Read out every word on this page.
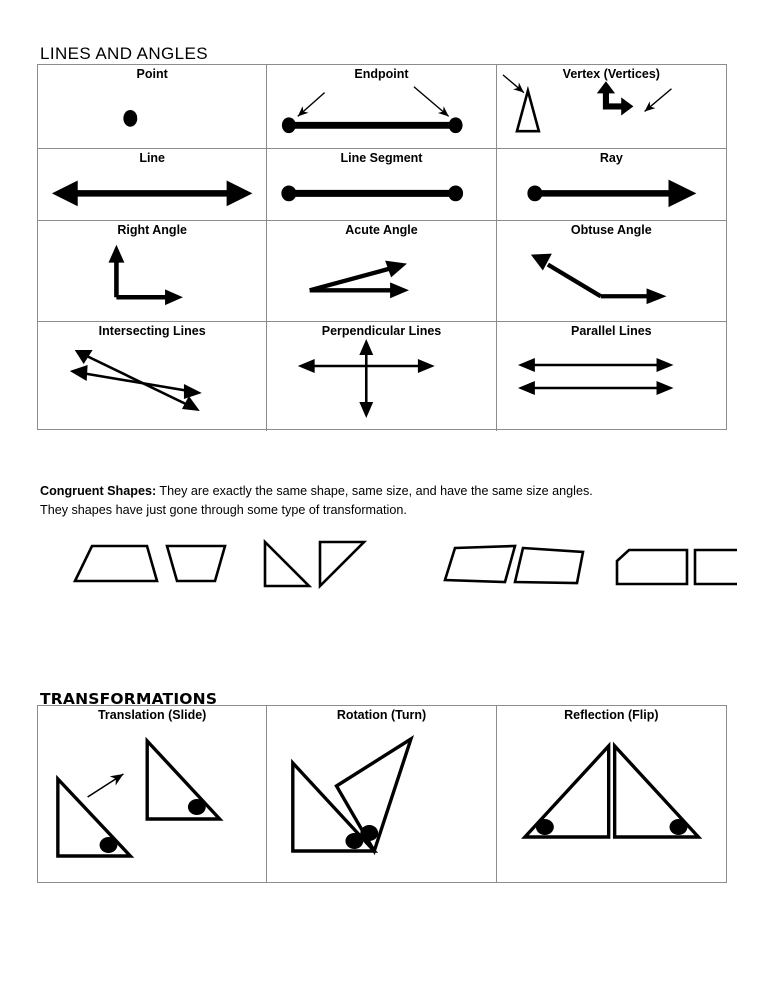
LINES AND ANGLES
Point	Endpoint	Vertex (Vertices)
Line	Line Segment	Ray
Right Angle	Acute Angle	Obtuse Angle
Intersecting Lines	Perpendicular Lines	Parallel Lines
Congruent Shapes: They are exactly the same shape, same size, and have the same size angles.
They shapes have just gone through some type of transformation.
TRANSFORMATIONS
Translation (Slide)	Rotation (Turn)	Reflection (Flip)
